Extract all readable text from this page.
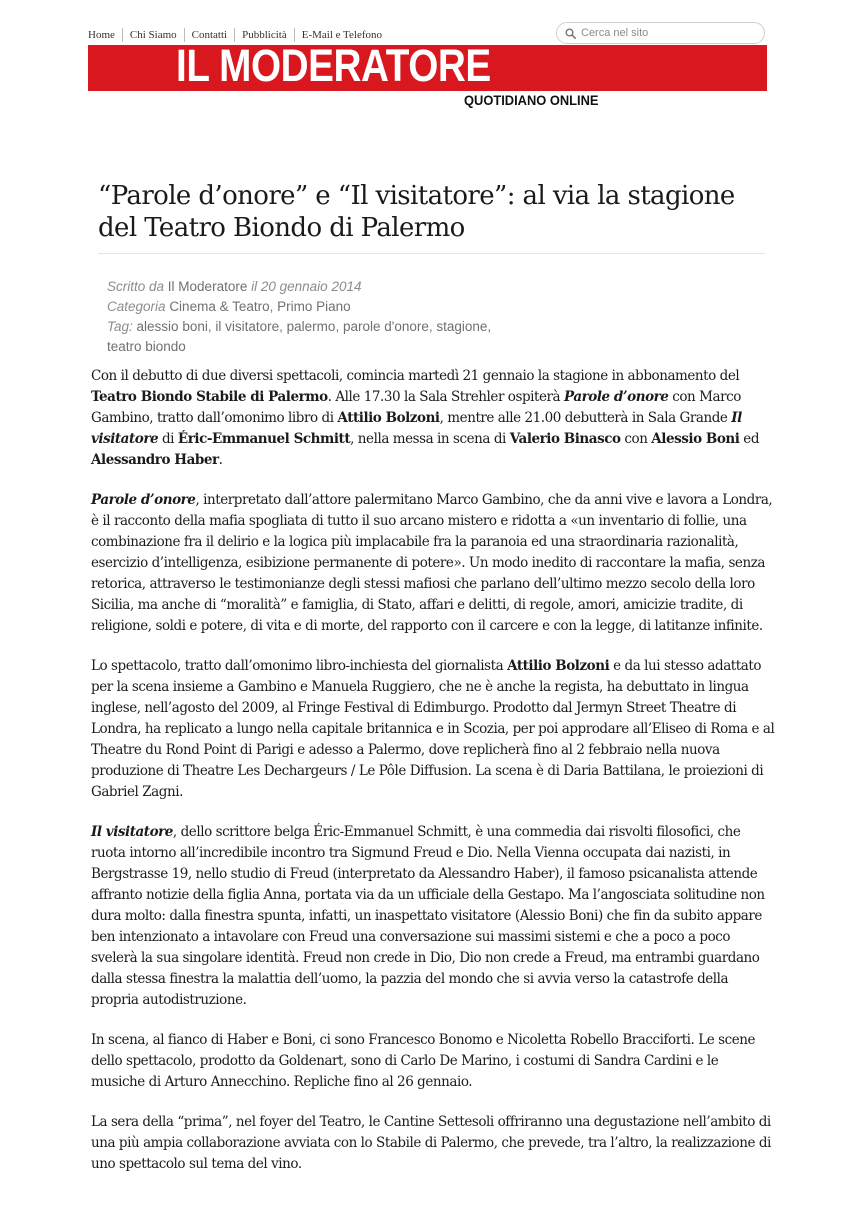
Home	Chi Siamo	Contatti	Pubblicità	E-Mail e Telefono
Cerca nel sito
IL MODERATORE
QUOTIDIANO ONLINE
“Parole d’onore” e “Il visitatore”: al via la stagione del Teatro Biondo di Palermo
Scritto da Il Moderatore il 20 gennaio 2014
Categoria Cinema & Teatro, Primo Piano
Tag: alessio boni, il visitatore, palermo, parole d'onore, stagione, teatro biondo

Con il debutto di due diversi spettacoli, comincia martedì 21 gennaio la stagione in abbonamento del Teatro Biondo Stabile di Palermo. Alle 17.30 la Sala Strehler ospiterà Parole d’onore con Marco Gambino, tratto dall’omonimo libro di Attilio Bolzoni, mentre alle 21.00 debutterà in Sala Grande Il visitatore di Éric-Emmanuel Schmitt, nella messa in scena di Valerio Binasco con Alessio Boni ed Alessandro Haber.

Parole d’onore, interpretato dall’attore palermitano Marco Gambino, che da anni vive e lavora a Londra, è il racconto della mafia spogliata di tutto il suo arcano mistero e ridotta a «un inventario di follie, una combinazione fra il delirio e la logica più implacabile fra la paranoia ed una straordinaria razionalità, esercizio d’intelligenza, esibizione permanente di potere». Un modo inedito di raccontare la mafia, senza retorica, attraverso le testimonianze degli stessi mafiosi che parlano dell’ultimo mezzo secolo della loro Sicilia, ma anche di “moralità” e famiglia, di Stato, affari e delitti, di regole, amori, amicizie tradite, di religione, soldi e potere, di vita e di morte, del rapporto con il carcere e con la legge, di latitanze infinite.

Lo spettacolo, tratto dall’omonimo libro-inchiesta del giornalista Attilio Bolzoni e da lui stesso adattato per la scena insieme a Gambino e Manuela Ruggiero, che ne è anche la regista, ha debuttato in lingua inglese, nell’agosto del 2009, al Fringe Festival di Edimburgo. Prodotto dal Jermyn Street Theatre di Londra, ha replicato a lungo nella capitale britannica e in Scozia, per poi approdare all’Eliseo di Roma e al Theatre du Rond Point di Parigi e adesso a Palermo, dove replicherà fino al 2 febbraio nella nuova produzione di Theatre Les Dechargeurs / Le Pôle Diffusion. La scena è di Daria Battilana, le proiezioni di Gabriel Zagni.

Il visitatore, dello scrittore belga Éric-Emmanuel Schmitt, è una commedia dai risvolti filosofici, che ruota intorno all’incredibile incontro tra Sigmund Freud e Dio. Nella Vienna occupata dai nazisti, in Bergstrasse 19, nello studio di Freud (interpretato da Alessandro Haber), il famoso psicanalista attende affranto notizie della figlia Anna, portata via da un ufficiale della Gestapo. Ma l’angosciata solitudine non dura molto: dalla finestra spunta, infatti, un inaspettato visitatore (Alessio Boni) che fin da subito appare ben intenzionato a intavolare con Freud una conversazione sui massimi sistemi e che a poco a poco svelerà la sua singolare identità. Freud non crede in Dio, Dio non crede a Freud, ma entrambi guardano dalla stessa finestra la malattia dell’uomo, la pazzia del mondo che si avvia verso la catastrofe della propria autodistruzione.

In scena, al fianco di Haber e Boni, ci sono Francesco Bonomo e Nicoletta Robello Bracciforti. Le scene dello spettacolo, prodotto da Goldenart, sono di Carlo De Marino, i costumi di Sandra Cardini e le musiche di Arturo Annecchino. Repliche fino al 26 gennaio.

La sera della “prima”, nel foyer del Teatro, le Cantine Settesoli offriranno una degustazione nell’ambito di una più ampia collaborazione avviata con lo Stabile di Palermo, che prevede, tra l’altro, la realizzazione di uno spettacolo sul tema del vino.
